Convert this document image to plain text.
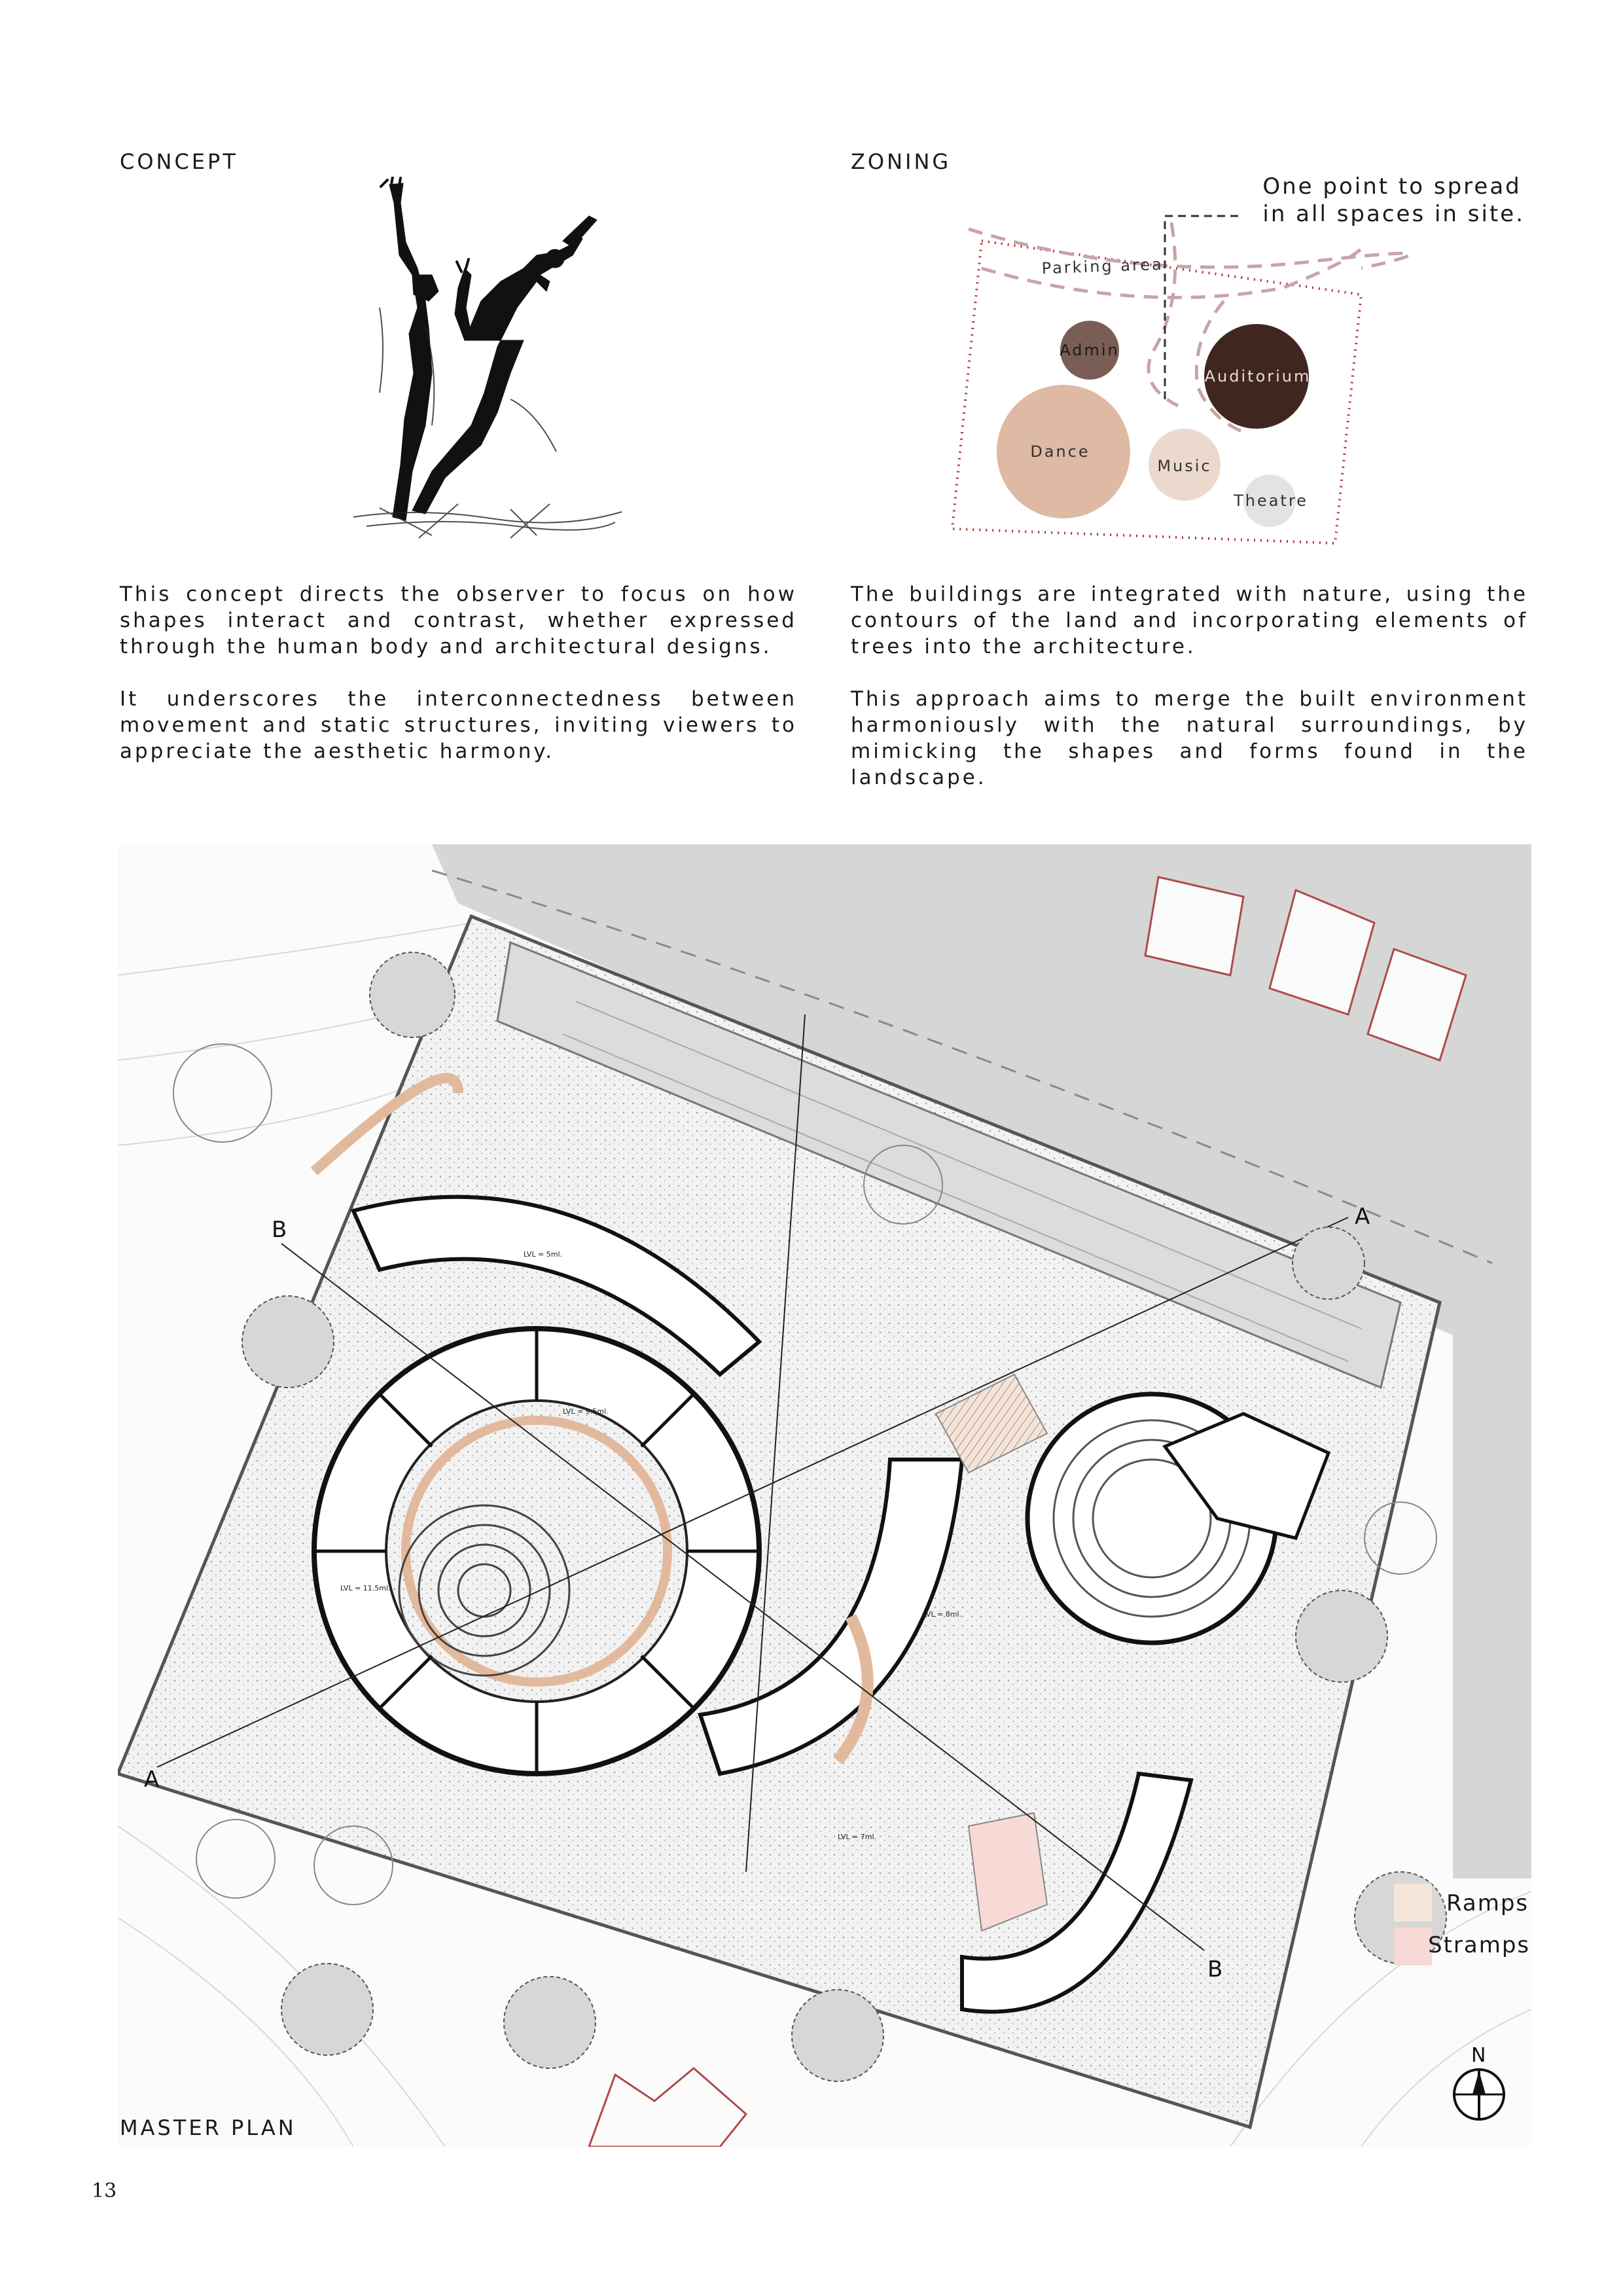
CONCEPT

This concept directs the observer to focus on how shapes interact and contrast, whether expressed through the human body and architectural designs.

It underscores the interconnectedness between movement and static structures, inviting viewers to appreciate the aesthetic harmony.

ZONING
One point to spread
in all spaces in site.
Parking area
Admin
Auditorium
Dance
Music
Theatre

The buildings are integrated with nature, using the contours of the land and incorporating elements of trees into the architecture.

This approach aims to merge the built environment harmoniously with the natural surroundings, by mimicking the shapes and forms found in the landscape.

A
A
B
B
LVL = 5ml.
LVL = 9.5ml.
LVL = 11.5ml.
LVL = 8ml.
LVL = 7ml.
N
Ramps
Stramps
MASTER PLAN
13
